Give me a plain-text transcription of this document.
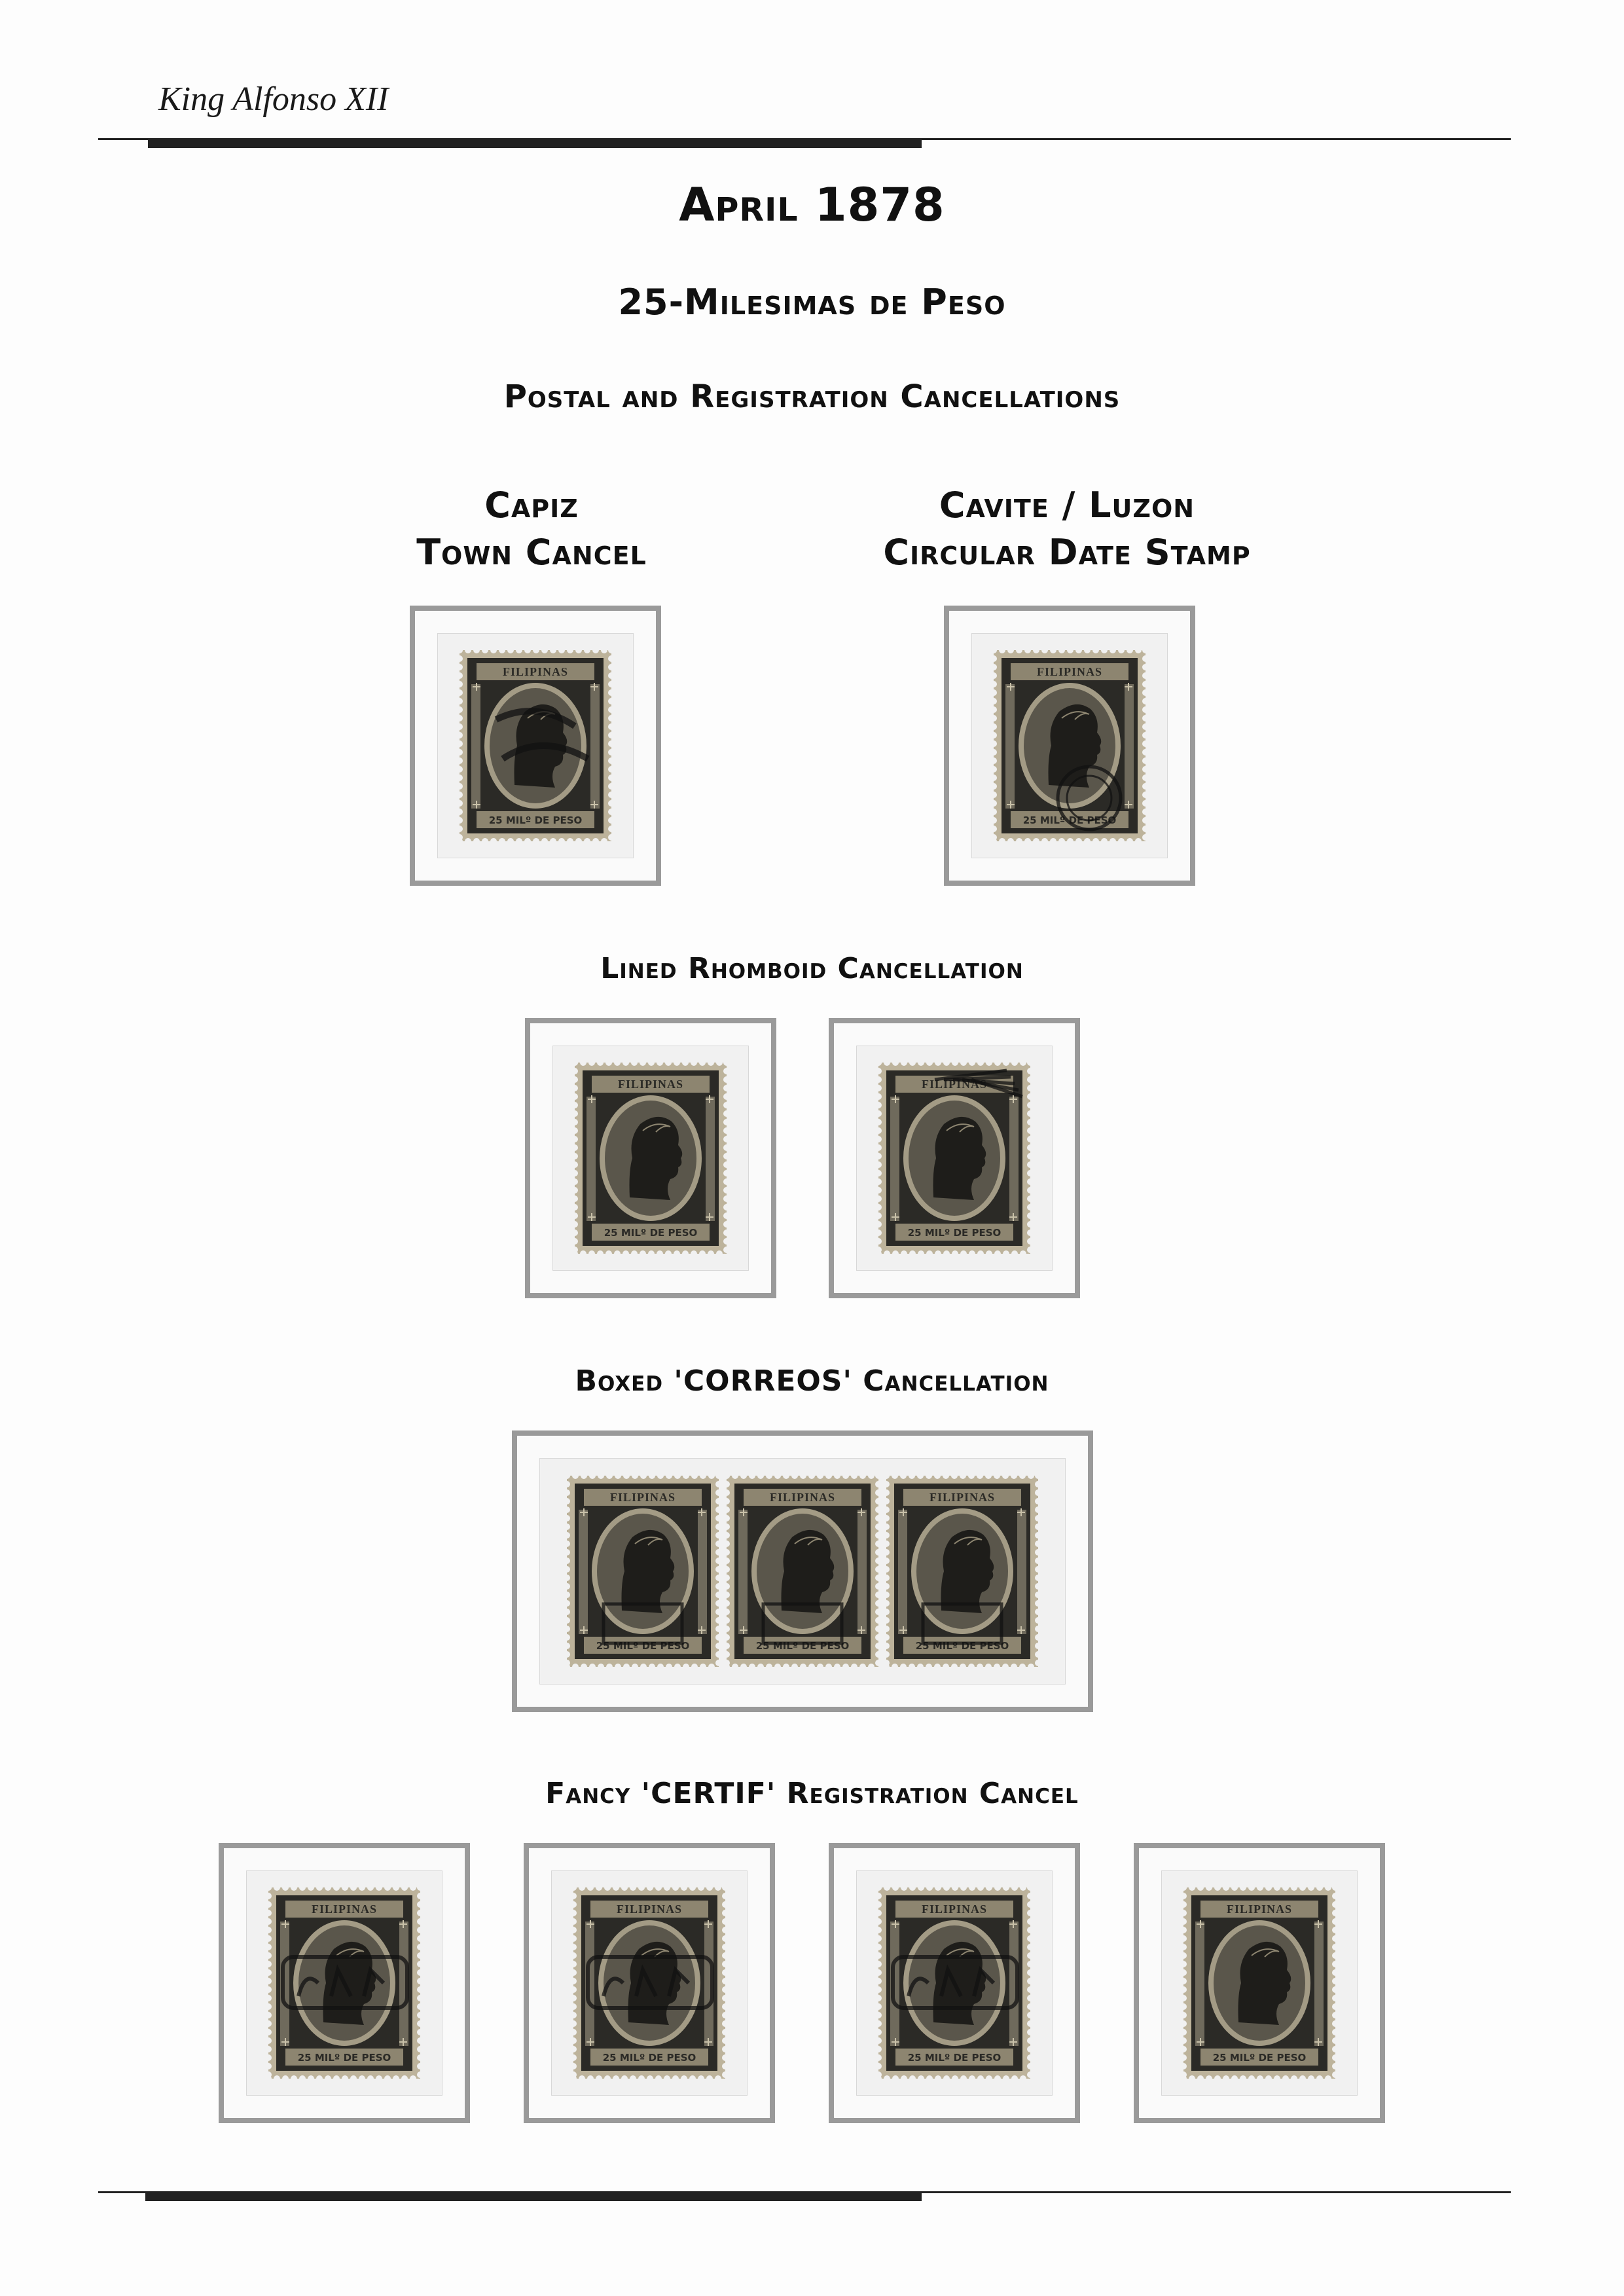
King Alfonso XII
April 1878
25-Milesimas de Peso
Postal and Registration Cancellations
Capiz
Town Cancel
Cavite / Luzon
Circular Date Stamp
FILIPINAS
25 MILº DE PESO
FILIPINAS
25 MILº DE PESO
Lined Rhomboid Cancellation
FILIPINAS
25 MILº DE PESO
FILIPINAS
25 MILº DE PESO
Boxed 'CORREOS' Cancellation
FILIPINAS
25 MILº DE PESO
FILIPINAS
25 MILº DE PESO
FILIPINAS
25 MILº DE PESO
Fancy 'CERTIF' Registration Cancel
FILIPINAS
25 MILº DE PESO
FILIPINAS
25 MILº DE PESO
FILIPINAS
25 MILº DE PESO
FILIPINAS
25 MILº DE PESO
